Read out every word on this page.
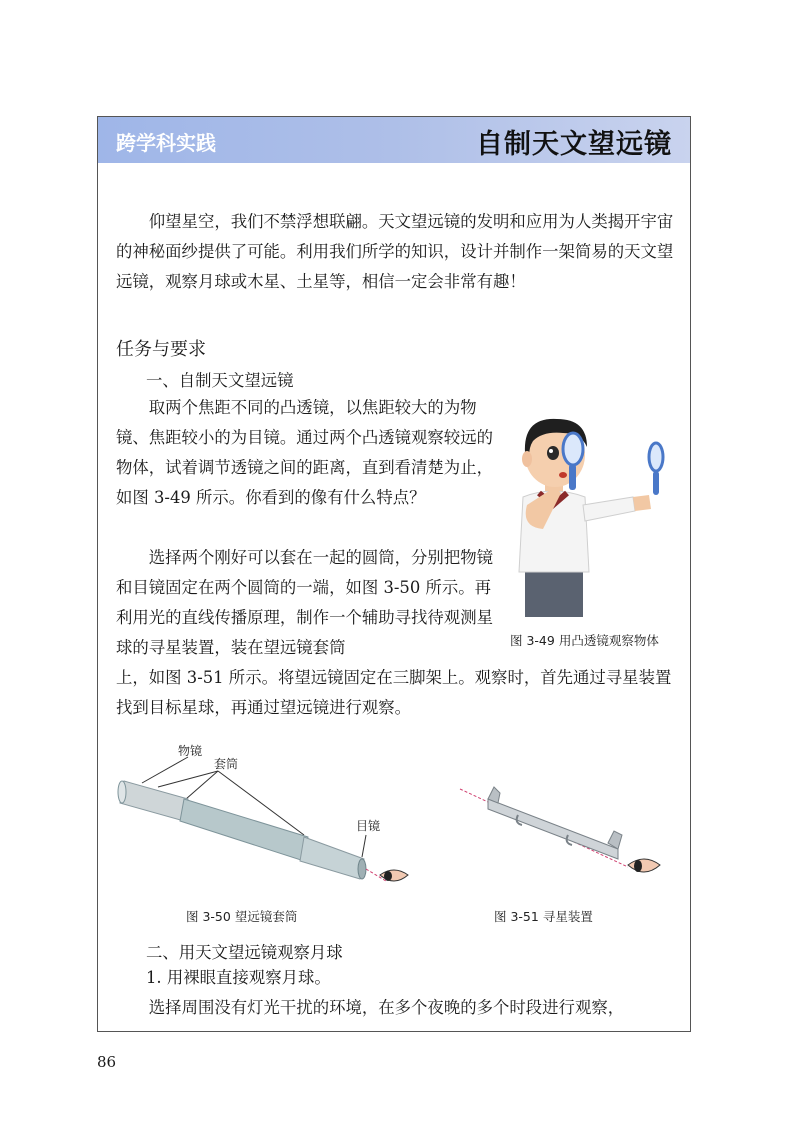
跨学科实践	自制天文望远镜

仰望星空，我们不禁浮想联翩。天文望远镜的发明和应用为人类揭开宇宙的神秘面纱提供了可能。利用我们所学的知识，设计并制作一架简易的天文望远镜，观察月球或木星、土星等，相信一定会非常有趣！

任务与要求

一、自制天文望远镜

取两个焦距不同的凸透镜，以焦距较大的为物镜、焦距较小的为目镜。通过两个凸透镜观察较远的物体，试着调节透镜之间的距离，直到看清楚为止，如图 3-49 所示。你看到的像有什么特点？

选择两个刚好可以套在一起的圆筒，分别把物镜和目镜固定在两个圆筒的一端，如图 3-50 所示。再利用光的直线传播原理，制作一个辅助寻找待观测星球的寻星装置，装在望远镜套筒

上，如图 3-51 所示。将望远镜固定在三脚架上。观察时，首先通过寻星装置找到目标星球，再通过望远镜进行观察。

图 3-49 用凸透镜观察物体
物镜
套筒
目镜
图 3-50 望远镜套筒	图 3-51 寻星装置

二、用天文望远镜观察月球

1. 用裸眼直接观察月球。

选择周围没有灯光干扰的环境，在多个夜晚的多个时段进行观察，

86
